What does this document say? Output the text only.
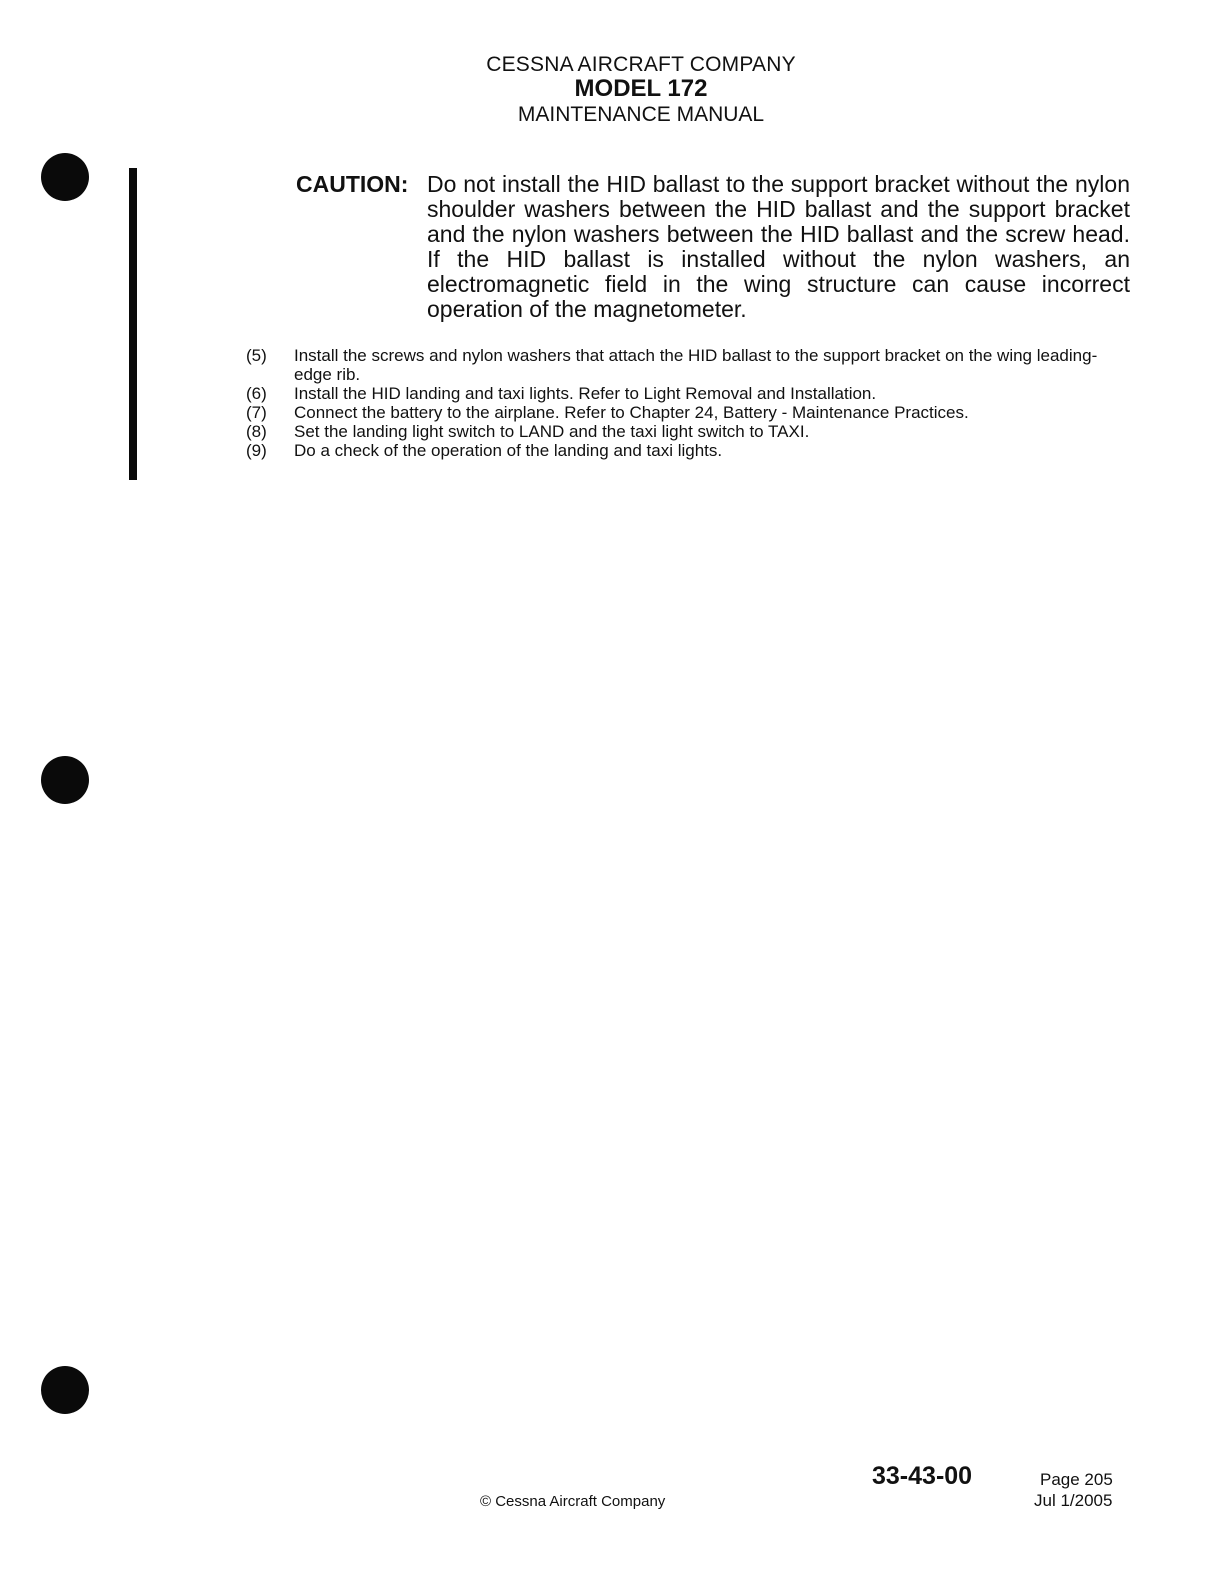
CESSNA AIRCRAFT COMPANY
MODEL 172
MAINTENANCE MANUAL
CAUTION: Do not install the HID ballast to the support bracket without the nylon shoulder washers between the HID ballast and the support bracket and the nylon washers between the HID ballast and the screw head. If the HID ballast is installed without the nylon washers, an electromagnetic field in the wing structure can cause incorrect operation of the magnetometer.
(5) Install the screws and nylon washers that attach the HID ballast to the support bracket on the wing leading-edge rib.
(6) Install the HID landing and taxi lights. Refer to Light Removal and Installation.
(7) Connect the battery to the airplane. Refer to Chapter 24, Battery - Maintenance Practices.
(8) Set the landing light switch to LAND and the taxi light switch to TAXI.
(9) Do a check of the operation of the landing and taxi lights.
© Cessna Aircraft Company
33-43-00	Page 205
Jul 1/2005
